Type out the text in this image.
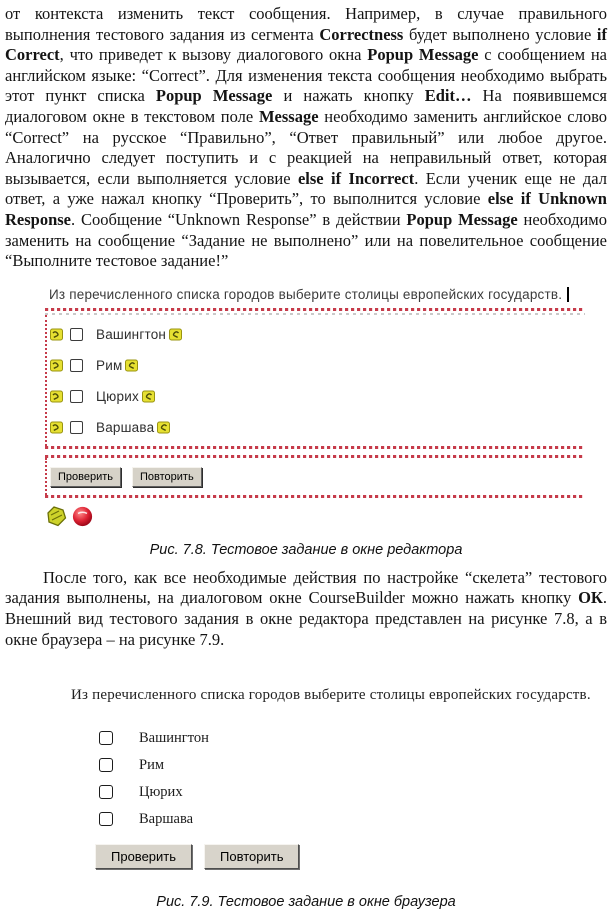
от контекста изменить текст сообщения. Например, в случае правильного выполнения тестового задания из сегмента Correctness будет выполнено условие if Correct, что приведет к вызову диалогового окна Popup Message с сообщением на английском языке: “Correct”. Для изменения текста сообщения необходимо выбрать этот пункт списка Popup Message и нажать кнопку Edit… На появившемся диалоговом окне в текстовом поле Message необходимо заменить английское слово “Correct” на русское “Правильно”, “Ответ правильный” или любое другое. Аналогично следует поступить и с реакцией на неправильный ответ, которая вызывается, если выполняется условие else if Incorrect. Если ученик еще не дал ответ, а уже нажал кнопку “Проверить”, то выполнится условие else if Unknown Response. Сообщение “Unknown Response” в действии Popup Message необходимо заменить на сообщение “Задание не выполнено” или на повелительное сообщение “Выполните тестовое задание!”

Из перечисленного списка городов выберите столицы европейских государств.
Вашингтон
Рим
Цюрих
Варшава
Проверить	Повторить
Рис. 7.8. Тестовое задание в окне редактора

После того, как все необходимые действия по настройке “скелета” тестового задания выполнены, на диалоговом окне CourseBuilder можно нажать кнопку ОК. Внешний вид тестового задания в окне редактора представлен на рисунке 7.8, а в окне браузера – на рисунке 7.9.

Из перечисленного списка городов выберите столицы европейских государств.
Вашингтон
Рим
Цюрих
Варшава
Проверить	Повторить
Рис. 7.9. Тестовое задание в окне браузера
